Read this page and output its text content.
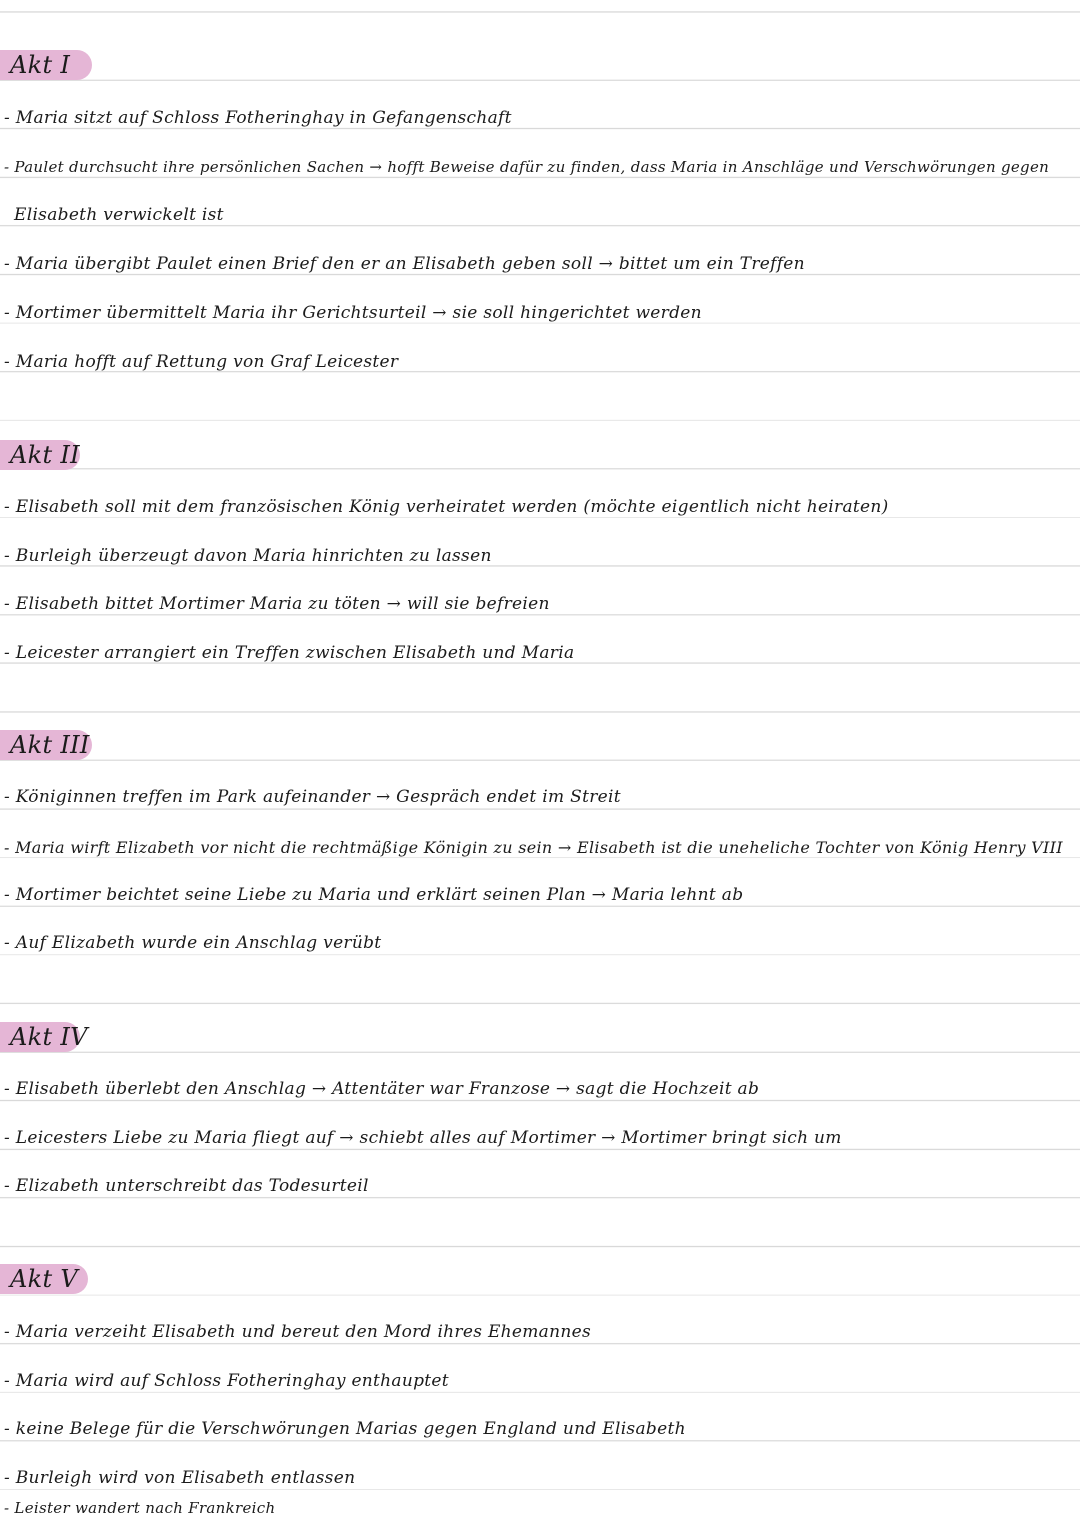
Akt I
- Maria sitzt auf Schloss Fotheringhay in Gefangenschaft
- Paulet durchsucht ihre persönlichen Sachen → hofft Beweise dafür zu finden, dass Maria in Anschläge und Verschwörungen gegen
Elisabeth verwickelt ist
- Maria übergibt Paulet einen Brief den er an Elisabeth geben soll → bittet um ein Treffen
- Mortimer übermittelt Maria ihr Gerichtsurteil → sie soll hingerichtet werden
- Maria hofft auf Rettung von Graf Leicester
Akt II
- Elisabeth soll mit dem französischen König verheiratet werden (möchte eigentlich nicht heiraten)
- Burleigh überzeugt davon Maria hinrichten zu lassen
- Elisabeth bittet Mortimer Maria zu töten → will sie befreien
- Leicester arrangiert ein Treffen zwischen Elisabeth und Maria
Akt III
- Königinnen treffen im Park aufeinander → Gespräch endet im Streit
- Maria wirft Elizabeth vor nicht die rechtmäßige Königin zu sein → Elisabeth ist die uneheliche Tochter von König Henry VIII
- Mortimer beichtet seine Liebe zu Maria und erklärt seinen Plan → Maria lehnt ab
- Auf Elizabeth wurde ein Anschlag verübt
Akt IV
- Elisabeth überlebt den Anschlag → Attentäter war Franzose → sagt die Hochzeit ab
- Leicesters Liebe zu Maria fliegt auf → schiebt alles auf Mortimer → Mortimer bringt sich um
- Elizabeth unterschreibt das Todesurteil
Akt V
- Maria verzeiht Elisabeth und bereut den Mord ihres Ehemannes
- Maria wird auf Schloss Fotheringhay enthauptet
- keine Belege für die Verschwörungen Marias gegen England und Elisabeth
- Burleigh wird von Elisabeth entlassen
- Leister wandert nach Frankreich
